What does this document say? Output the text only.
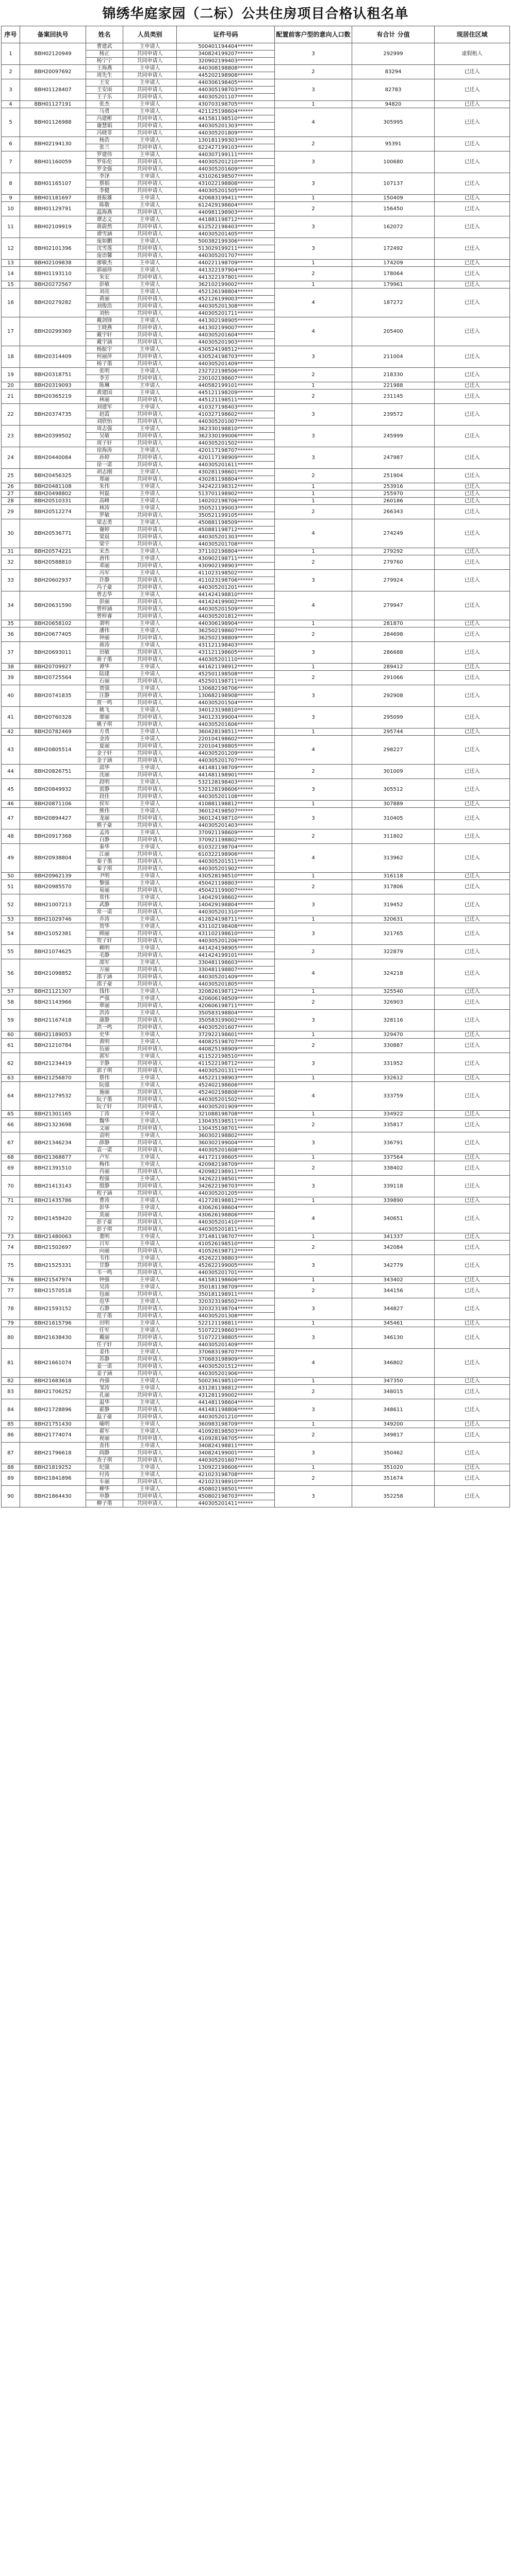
锦绣华庭家园（二标）公共住房项目合格认租名单
序号	备案回执号	姓名	人员类别	证件号码	配置前客户型的意向人口数	有合计 分值	现居住区域
1	BBH02120949	曹建武	主申请人	500401194404******	3	292999	虚假租人
		杨正	共同申请人	340824199207******			
		杨宁宁	共同申请人	320902199403******			
2	BBH20097692	王海燕	主申请人	440308198808******	2	83294	已迁入
		周先生	共同申请人	445202198908******			
3	BBH01128407	王安	主申请人	440306198405******	3	82783	已迁入
		王安雨	共同申请人	440305198703******			
		王子乐	共同申请人	440305201107******			
4	BBH01127191	张杰	主申请人	430703198705******	1	94820	已迁入
5	BBH01126988	马勇	主申请人	421125198604******	4	305995	已迁入
		冯建彬	共同申请人	441581198510******			
		谢慧娟	共同申请人	440305201303******			
		冯晓菲	共同申请人	440305201809******			
6	BBH02194130	杨浩	主申请人	130181199303******	2	95391	已迁入
		张兰	共同申请人	622427199103******			
7	BBH01160059	罗建伟	主申请人	440307199111******	3	100680	已迁入
		罗佑伦	共同申请人	440305201210******			
		罗金强	共同申请人	440305201609******			
8	BBH01165107	李泽	主申请人	431026198507******	3	107137	已迁入
		蔡娟	共同申请人	431022198808******			
		李健	共同申请人	440305201505******			
9	BBH01181697	聂振雄	主申请人	420683199411******	1	150409	已迁入
10	BBH01129791	陈敬	主申请人	612429198604******	2	156450	已迁入
		温海燕	共同申请人	440981198903******			
11	BBH02109919	谭志文	主申请人	441881198712******	3	162072	已迁入
		蒋蔚然	共同申请人	612522198403******			
		谭雪涵	共同申请人	440305201405******			
12	BBH02101396	庞如鹏	主申请人	500382199306******	3	172492	已迁入
		沈雪莲	共同申请人	513029199211******			
		庞语馨	共同申请人	440305201707******			
13	BBH02109838	廖敏杰	主申请人	440221198709******	1	174209	已迁入
14	BBH01193110	郭丽珍	主申请人	441322197904******	2	178064	已迁入
		朱宏	共同申请人	441322197801******			
15	BBH20272567	彭敏	主申请人	362102199002******	1	179961	已迁入
16	BBH20279282	刘亮	主申请人	452126198804******	4	187272	已迁入
		黄丽	共同申请人	452126199003******			
		刘俊浩	共同申请人	440305201308******			
		刘怡	共同申请人	440305201711******			
17	BBH20299369	戴剑锋	主申请人	441302198905******	4	205400	已迁入
		王晓燕	共同申请人	441302199007******			
		戴宇轩	共同申请人	440305201604******			
		戴宇涵	共同申请人	440305201903******			
18	BBH20314409	杨振宇	主申请人	430524198512******	3	211004	已迁入
		何丽萍	共同申请人	430524198703******			
		杨子墨	共同申请人	440305201409******			
19	BBH20318751	张明	主申请人	232722198506******	2	218330	已迁入
		李芳	共同申请人	230102198607******			
20	BBH20319093	陈琳	主申请人	440582199101******	1	221988	已迁入
21	BBH20365219	黄建国	主申请人	445121198209******	2	231145	已迁入
		林丽	共同申请人	445121198511******			
22	BBH20374735	刘建军	主申请人	410327198403******	3	239572	已迁入
		赵霞	共同申请人	410327198602******			
		刘欣怡	共同申请人	440305201007******			
23	BBH20399502	周志强	主申请人	362330198810******	3	245999	已迁入
		吴敏	共同申请人	362330199006******			
		周子轩	共同申请人	440305201502******			
24	BBH20440084	徐海涛	主申请人	420117198707******	3	247987	已迁入
		孙婷	共同申请人	420117198909******			
		徐一诺	共同申请人	440305201611******			
25	BBH20456325	胡志刚	主申请人	430281198601******	2	251904	已迁入
		郑丽	共同申请人	430281198804******			
26	BBH20481108	朱伟	主申请人	342422198312******	1	253916	已迁入
27	BBH20498802	何磊	主申请人	513701198902******	1	255970	已迁入
28	BBH20510331	高峰	主申请人	140202198706******	1	260186	已迁入
29	BBH20512274	林涛	主申请人	350521199003******	2	266343	已迁入
		罗敏	共同申请人	350521199105******			
30	BBH20536771	梁志勇	主申请人	450881198509******	4	274249	已迁入
		谢婷	共同申请人	450881198712******			
		梁晨	共同申请人	440305201303******			
		梁宇	共同申请人	440305201708******			
31	BBH20574221	宋杰	主申请人	371102198804******	1	279292	已迁入
32	BBH20588810	唐伟	主申请人	430902198711******	2	279760	已迁入
		邓丽	共同申请人	430902198903******			
33	BBH20602937	冯军	主申请人	411023198502******	3	279924	已迁入
		许静	共同申请人	411023198706******			
		冯子豪	共同申请人	440305201201******			
34	BBH20631590	曾志华	主申请人	441424198810******	4	279947	已迁入
		彭丽	共同申请人	441424199002******			
		曾梓涵	共同申请人	440305201509******			
		曾梓睿	共同申请人	440305201812******			
35	BBH20658102	萧明	主申请人	440306198904******	1	281870	已迁入
36	BBH20677405	潘伟	主申请人	362502198607******	2	284698	已迁入
		钟丽	共同申请人	362502198809******			
37	BBH20693011	蒋涛	主申请人	431121198403******	3	286688	已迁入
		田敏	共同申请人	431121198605******			
		蒋子墨	共同申请人	440305201110******			
38	BBH20709927	谭华	主申请人	441621198912******	1	289412	已迁入
39	BBH20725564	陆建	主申请人	452501198508******	2	291066	已迁入
		石丽	共同申请人	452501198711******			
40	BBH20741835	贾强	主申请人	130682198706******	3	292908	已迁入
		汪静	共同申请人	130682198908******			
		贾一鸣	共同申请人	440305201504******			
41	BBH20760328	姚飞	主申请人	340123198810******	3	295099	已迁入
		廖丽	共同申请人	340123199004******			
		姚子琪	共同申请人	440305201606******			
42	BBH20782469	方勇	主申请人	360428198511******	1	295744	已迁入
43	BBH20805514	金涛	主申请人	220104198602******	4	298227	已迁入
		夏丽	共同申请人	220104198805******			
		金子轩	共同申请人	440305201209******			
		金子涵	共同申请人	440305201707******			
44	BBH20826751	邱华	主申请人	441481198709******	2	301009	已迁入
		沈丽	共同申请人	441481198901******			
45	BBH20849932	段明	主申请人	532128198403******	3	305512	已迁入
		雷静	共同申请人	532128198606******			
		段佳	共同申请人	440305201108******			
46	BBH20871106	侯军	主申请人	410881198812******	1	307889	已迁入
47	BBH20894427	熊伟	主申请人	360124198507******	3	310405	已迁入
		龙丽	共同申请人	360124198710******			
		熊子豪	共同申请人	440305201403******			
48	BBH20917368	孟涛	主申请人	370921198609******	2	311802	已迁入
		白静	共同申请人	370921198802******			
49	BBH20938804	秦华	主申请人	610322198704******	4	313962	已迁入
		江丽	共同申请人	610322198906******			
		秦子墨	共同申请人	440305201511******			
		秦子琪	共同申请人	440305201902******			
50	BBH20962139	尹明	主申请人	430528198510******	1	316118	已迁入
51	BBH20985570	黎强	主申请人	450421198803******	2	317806	已迁入
		易丽	共同申请人	450421199007******			
52	BBH21007213	常伟	主申请人	140429198602******	3	319452	已迁入
		武静	共同申请人	140429198804******			
		常一诺	共同申请人	440305201310******			
53	BBH21029746	乔涛	主申请人	412824198711******	1	320631	已迁入
54	BBH21052381	贺华	主申请人	431102198408******	3	321765	已迁入
		顾丽	共同申请人	431102198610******			
		贺子轩	共同申请人	440305201206******			
55	BBH21074625	赖明	主申请人	441424198905******	2	322879	已迁入
		毛静	共同申请人	441424199101******			
56	BBH21098852	邵军	主申请人	330481198603******	4	324218	已迁入
		万丽	共同申请人	330481198807******			
		邵子涵	共同申请人	440305201409******			
		邵子豪	共同申请人	440305201805******			
57	BBH21121307	钱伟	主申请人	320826198712******	1	325540	已迁入
58	BBH21143966	严强	主申请人	420606198509******	2	326903	已迁入
		覃丽	共同申请人	420606198711******			
59	BBH21167418	洪涛	主申请人	350583198804******	3	328116	已迁入
		康静	共同申请人	350583199002******			
		洪一鸣	共同申请人	440305201607******			
60	BBH21189053	史华	主申请人	372922198601******	1	329470	已迁入
61	BBH21210784	黄明	主申请人	440825198707******	2	330887	已迁入
		伍丽	共同申请人	440825198909******			
62	BBH21234419	郭军	主申请人	411522198510******	3	331952	已迁入
		辛静	共同申请人	411522198712******			
		郭子琪	共同申请人	440305201311******			
63	BBH21256870	蔡伟	主申请人	445221198903******	1	332612	已迁入
64	BBH21279532	阮强	主申请人	452402198606******	4	333759	已迁入
		施丽	共同申请人	452402198808******			
		阮子墨	共同申请人	440305201502******			
		阮子轩	共同申请人	440305201909******			
65	BBH21301165	丁涛	主申请人	321088198708******	1	334922	已迁入
66	BBH21323698	魏华	主申请人	130435198511******	2	335817	已迁入
		文丽	共同申请人	130435198701******			
67	BBH21346234	袁明	主申请人	360302198802******	3	336791	已迁入
		薛静	共同申请人	360302199004******			
		袁一诺	共同申请人	440305201608******			
68	BBH21368877	卢军	主申请人	441721198605******	1	337564	已迁入
69	BBH21391510	梅伟	主申请人	420982198709******	2	338402	已迁入
		肖丽	共同申请人	420982198911******			
70	BBH21413143	程强	主申请人	342622198501******	3	339118	已迁入
		殷静	共同申请人	342622198703******			
		程子涵	共同申请人	440305201205******			
71	BBH21435786	曹涛	主申请人	412728198812******	1	339890	已迁入
72	BBH21458420	彭华	主申请人	430626198604******	4	340651	已迁入
		莫丽	共同申请人	430626198806******			
		彭子豪	共同申请人	440305201410******			
		彭子琪	共同申请人	440305201811******			
73	BBH21480063	董明	主申请人	371481198707******	1	341337	已迁入
74	BBH21502697	吕军	主申请人	410526198510******	2	342084	已迁入
		向丽	共同申请人	410526198712******			
75	BBH21525331	韦伟	主申请人	452622198803******	3	342779	已迁入
		甘静	共同申请人	452622199005******			
		韦一鸣	共同申请人	440305201701******			
76	BBH21547974	钟强	主申请人	441581198606******	1	343402	已迁入
77	BBH21570518	吴涛	主申请人	350181198709******	2	344156	已迁入
		包丽	共同申请人	350181198911******			
78	BBH21593152	范华	主申请人	320323198502******	3	344827	已迁入
		石静	共同申请人	320323198704******			
		范子墨	共同申请人	440305201308******			
79	BBH21615796	田明	主申请人	522121198811******	1	345461	已迁入
80	BBH21638430	任军	主申请人	510722198603******	3	346130	已迁入
		戴丽	共同申请人	510722198805******			
		任子轩	共同申请人	440305201409******			
81	BBH21661074	姜伟	主申请人	370683198707******	4	346802	已迁入
		苏静	共同申请人	370683198909******			
		姜一诺	共同申请人	440305201512******			
		姜子涵	共同申请人	440305201906******			
82	BBH21683618	冉强	主申请人	500236198510******	1	347350	已迁入
83	BBH21706252	邹涛	主申请人	431281198812******	2	348015	已迁入
		孔丽	共同申请人	431281199002******			
84	BBH21728896	温华	主申请人	441481198604******	3	348611	已迁入
		霍静	共同申请人	441481198806******			
		温子豪	共同申请人	440305201210******			
85	BBH21751430	喻明	主申请人	360983198709******	1	349200	已迁入
86	BBH21774074	翟军	主申请人	410928198503******	2	349817	已迁入
		祝丽	共同申请人	410928198705******			
87	BBH21796618	查伟	主申请人	340824198811******	3	350462	已迁入
		阎静	共同申请人	340824199001******			
		查子琪	共同申请人	440305201607******			
88	BBH21819252	纪强	主申请人	130922198606******	1	351020	已迁入
89	BBH21841896	付涛	主申请人	421023198708******	2	351674	已迁入
		车丽	共同申请人	421023198910******			
90	BBH21864430	柳华	主申请人	450802198501******	3	352258	已迁入
		申静	共同申请人	450802198703******			
		柳子墨	共同申请人	440305201411******			
